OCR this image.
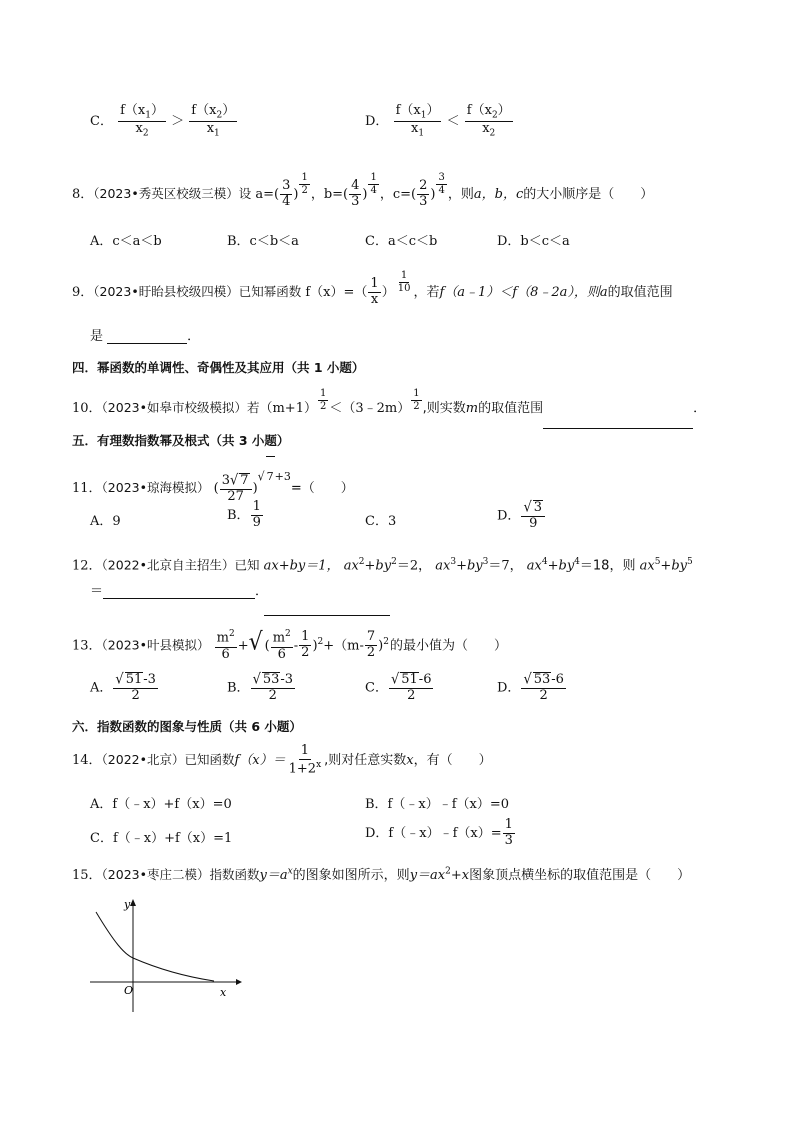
C． $\frac{f(x_1)}{x_2} > \frac{f(x_2)}{x_1}$	D． $\frac{f(x_1)}{x_1} < \frac{f(x_2)}{x_2}$
8．（2023•秀英区校级三模）设 $a=( \frac{3}{4}$ ) $\frac{1}{2}$ ，$b=( \frac{4}{3}$ ) $\frac{1}{4}$ ，$c=( \frac{2}{3}$ ) $\frac{3}{4}$ ，则a，b，c的大小顺序是（　　）
A．c＜a＜b	B．c＜b＜a	C．a＜c＜b	D．b＜c＜a
9．（2023•盱眙县校级四模）已知幂函数 $f(x)=( \frac{1}{x}$ ） $\frac{1}{10}$ ，若f（a﹣1）＜f（8﹣2a），则a的取值范围
是	．
四．幂函数的单调性、奇偶性及其应用（共 1 小题）
10．（2023•如皋市校级模拟）若$(m+1) \frac{1}{2}$ ＜（3﹣2m） $\frac{1}{2}$ ,则实数m的取值范围	．
五．有理数指数幂及根式（共 3 小题）
11．（2023•琼海模拟） ( $\frac{3√ 7}{27} )^{√ 7+3}=$（　　）
A．9	B． $\frac{1}{9}$	C．3	D． $\frac{√ 3}{9}$
12．（2022•北京自主招生）已知 ax+by＝1， $ax^2+by^2=2$， $ax^3+by^3=7$， $ax^4+by^4=18$，则 $ax^5+by^5$
＝	．
13．（2023•叶县模拟） $\frac{m^2}{6}$ +√ ( $\frac{m^2}{6} - \frac{1}{2} )^2+(m- \frac{7}{2} )^2$的最小值为（　　）
A． $\frac{√ 51-3}{2}$	B． $\frac{√ 53-3}{2}$	C． $\frac{√ 51-6}{2}$	D． $\frac{√ 53-6}{2}$
六．指数函数的图象与性质（共 6 小题）
14．（2022•北京）已知函数$f(x)= \frac{1}{1+2^x}$ ,则对任意实数x，有（　　）
A．f（﹣x）+f（x）=0	B．f（﹣x）﹣f（x）=0
C．f（﹣x）+f（x）=1	D．f（﹣x）﹣f（x）= $\frac{1}{3}$
15．（2023•枣庄二模）指数函数$y=a^x$的图象如图所示，则$y=ax^2+x$图象顶点横坐标的取值范围是（　　）
y
x
O
